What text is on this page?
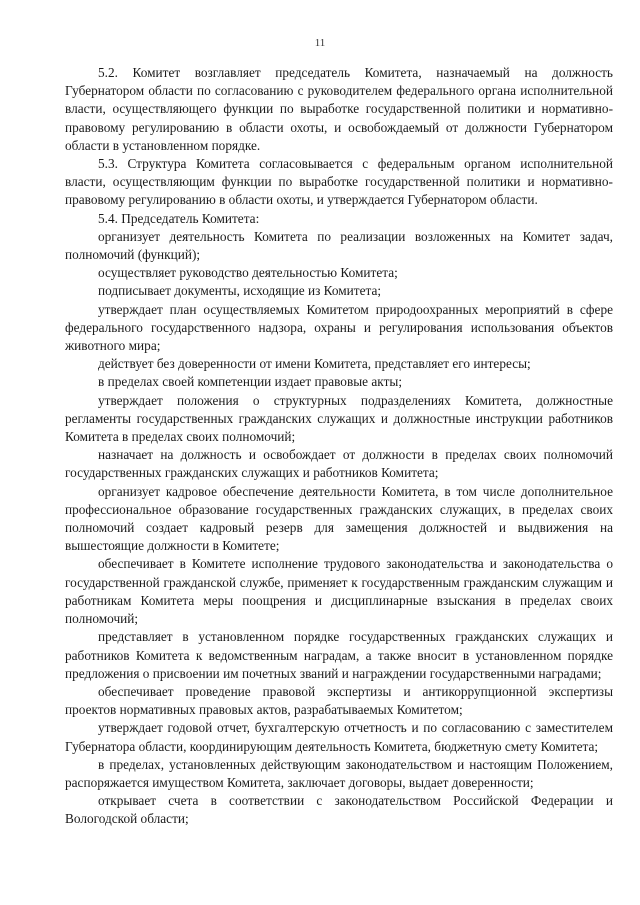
11

5.2. Комитет возглавляет председатель Комитета, назначаемый на должность Губернатором области по согласованию с руководителем федерального органа исполнительной власти, осуществляющего функции по выработке государственной политики и нормативно-правовому регулированию в области охоты, и освобождаемый от должности Губернатором области в установленном порядке.

5.3. Структура Комитета согласовывается с федеральным органом исполнительной власти, осуществляющим функции по выработке государственной политики и нормативно-правовому регулированию в области охоты, и утверждается Губернатором области.

5.4. Председатель Комитета:

организует деятельность Комитета по реализации возложенных на Комитет задач, полномочий (функций);

осуществляет руководство деятельностью Комитета;

подписывает документы, исходящие из Комитета;

утверждает план осуществляемых Комитетом природоохранных мероприятий в сфере федерального государственного надзора, охраны и регулирования использования объектов животного мира;

действует без доверенности от имени Комитета, представляет его интересы;

в пределах своей компетенции издает правовые акты;

утверждает положения о структурных подразделениях Комитета, должностные регламенты государственных гражданских служащих и должностные инструкции работников Комитета в пределах своих полномочий;

назначает на должность и освобождает от должности в пределах своих полномочий государственных гражданских служащих и работников Комитета;

организует кадровое обеспечение деятельности Комитета, в том числе дополнительное профессиональное образование государственных гражданских служащих, в пределах своих полномочий создает кадровый резерв для замещения должностей и выдвижения на вышестоящие должности в Комитете;

обеспечивает в Комитете исполнение трудового законодательства и законодательства о государственной гражданской службе, применяет к государственным гражданским служащим и работникам Комитета меры поощрения и дисциплинарные взыскания в пределах своих полномочий;

представляет в установленном порядке государственных гражданских служащих и работников Комитета к ведомственным наградам, а также вносит в установленном порядке предложения о присвоении им почетных званий и награждении государственными наградами;

обеспечивает проведение правовой экспертизы и антикоррупционной экспертизы проектов нормативных правовых актов, разрабатываемых Комитетом;

утверждает годовой отчет, бухгалтерскую отчетность и по согласованию с заместителем Губернатора области, координирующим деятельность Комитета, бюджетную смету Комитета;

в пределах, установленных действующим законодательством и настоящим Положением, распоряжается имуществом Комитета, заключает договоры, выдает доверенности;

открывает счета в соответствии с законодательством Российской Федерации и Вологодской области;
